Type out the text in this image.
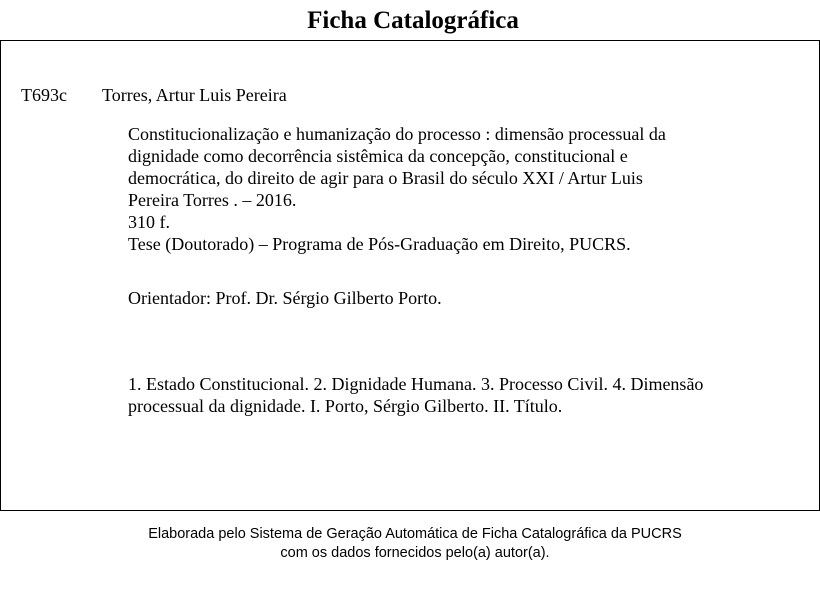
Ficha Catalográfica
T693c Torres, Artur Luis Pereira

Constitucionalização e humanização do processo : dimensão processual da
dignidade como decorrência sistêmica da concepção, constitucional e
democrática, do direito de agir para o Brasil do século XXI / Artur Luis
Pereira Torres . – 2016.

310 f.

Tese (Doutorado) – Programa de Pós-Graduação em Direito, PUCRS.

Orientador: Prof. Dr. Sérgio Gilberto Porto.

1. Estado Constitucional. 2. Dignidade Humana. 3. Processo Civil. 4. Dimensão
processual da dignidade. I. Porto, Sérgio Gilberto. II. Título.

Elaborada pelo Sistema de Geração Automática de Ficha Catalográfica da PUCRS
com os dados fornecidos pelo(a) autor(a).
